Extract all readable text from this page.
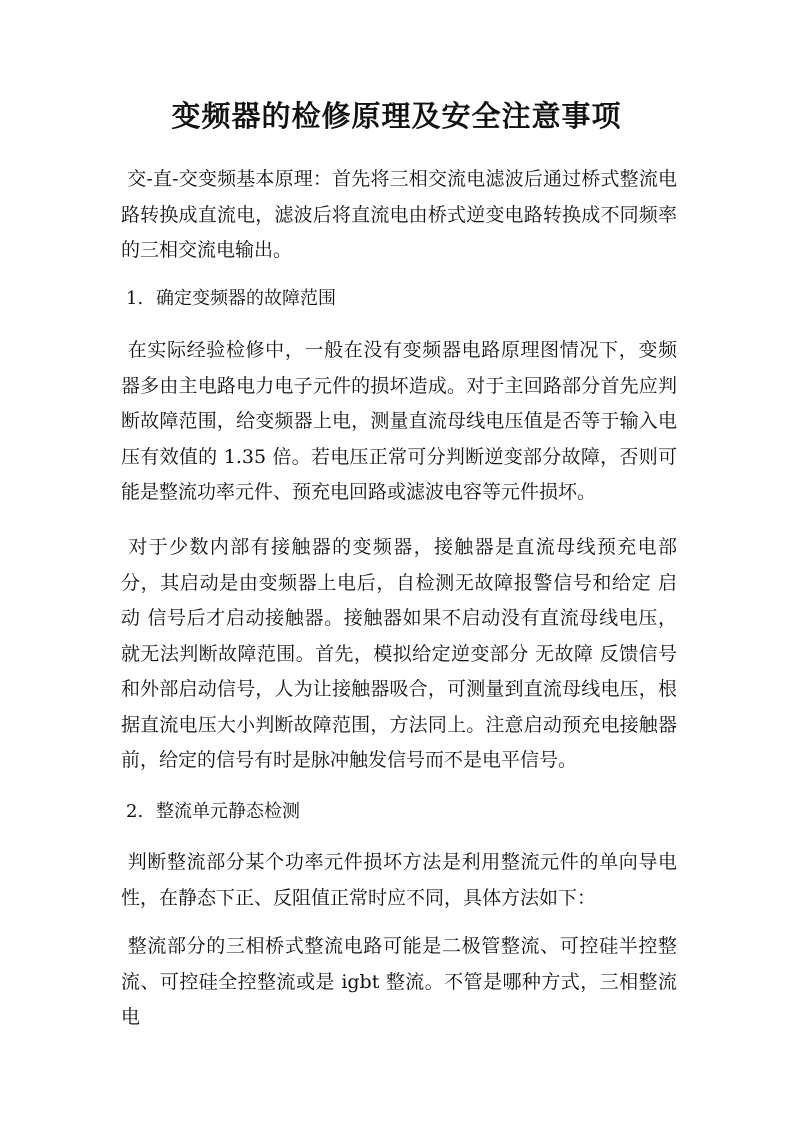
变频器的检修原理及安全注意事项

交-直-交变频基本原理：首先将三相交流电滤波后通过桥式整流电路转换成直流电，滤波后将直流电由桥式逆变电路转换成不同频率的三相交流电输出。

1. 确定变频器的故障范围

在实际经验检修中，一般在没有变频器电路原理图情况下，变频器多由主电路电力电子元件的损坏造成。对于主回路部分首先应判断故障范围，给变频器上电，测量直流母线电压值是否等于输入电压有效值的 1.35 倍。若电压正常可分判断逆变部分故障，否则可能是整流功率元件、预充电回路或滤波电容等元件损坏。

对于少数内部有接触器的变频器，接触器是直流母线预充电部分，其启动是由变频器上电后，自检测无故障报警信号和给定 启动 信号后才启动接触器。接触器如果不启动没有直流母线电压，就无法判断故障范围。首先，模拟给定逆变部分 无故障 反馈信号和外部启动信号，人为让接触器吸合，可测量到直流母线电压，根据直流电压大小判断故障范围，方法同上。注意启动预充电接触器前，给定的信号有时是脉冲触发信号而不是电平信号。

2. 整流单元静态检测

判断整流部分某个功率元件损坏方法是利用整流元件的单向导电性，在静态下正、反阻值正常时应不同，具体方法如下：

整流部分的三相桥式整流电路可能是二极管整流、可控硅半控整流、可控硅全控整流或是 igbt 整流。不管是哪种方式，三相整流电
